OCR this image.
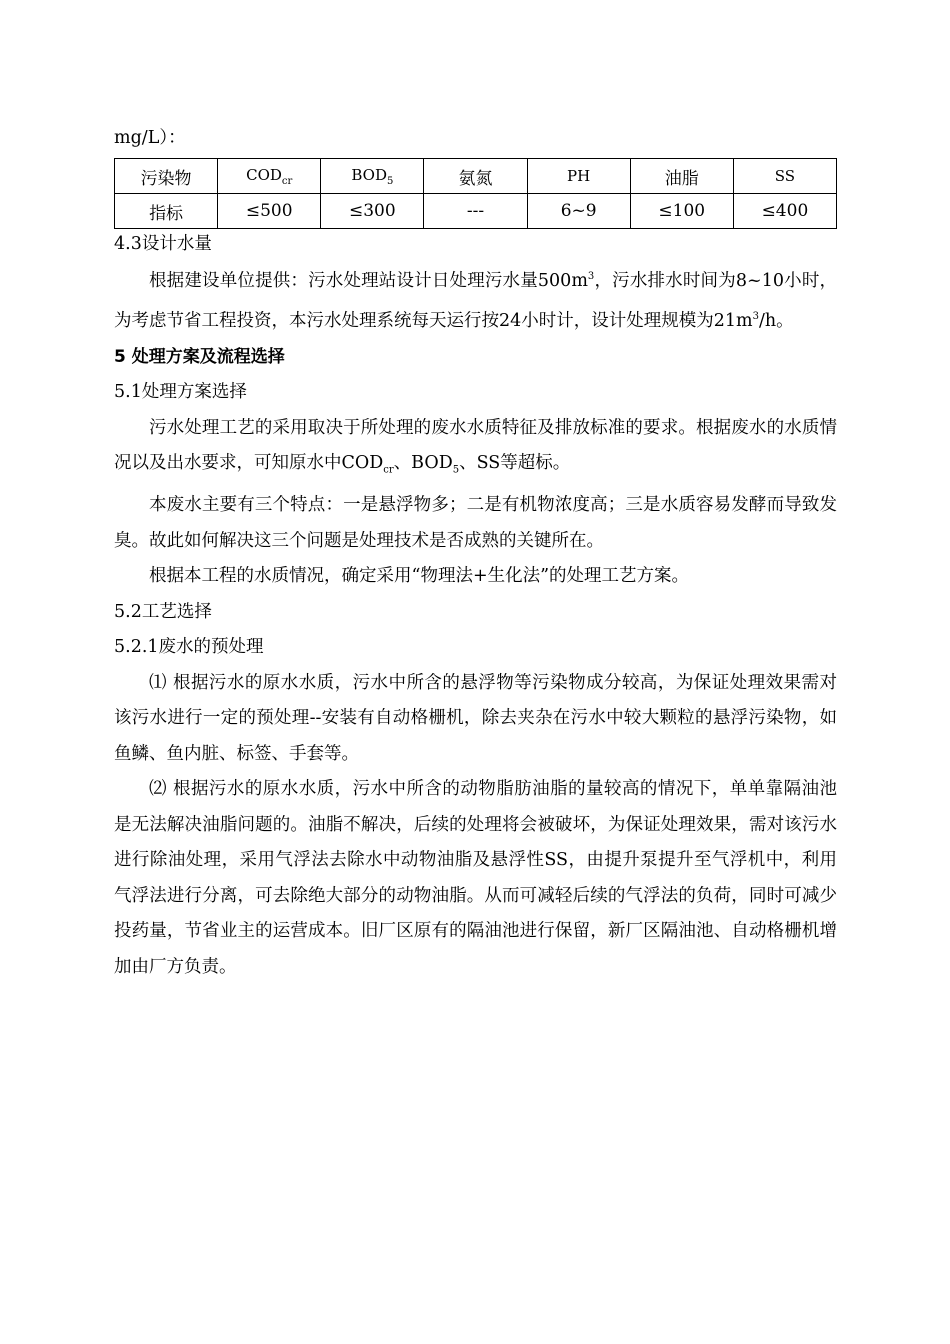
mg/L）：
污染物	$COD_{cr}$	$BOD_5$	氨氮	PH	油脂	SS
指标	≤500	≤300	---	6~9	≤100	≤400
4.3设计水量
根据建设单位提供：污水处理站设计日处理污水量$500m^3$，污水排水时间为8~10小时，为考虑节省工程投资，本污水处理系统每天运行按24小时计，设计处理规模为$21m^3/h$。
5 处理方案及流程选择
5.1处理方案选择
污水处理工艺的采用取决于所处理的废水水质特征及排放标准的要求。根据废水的水质情况以及出水要求，可知原水中$COD_{cr}$、$BOD_5$、SS等超标。
本废水主要有三个特点：一是悬浮物多；二是有机物浓度高；三是水质容易发酵而导致发臭。故此如何解决这三个问题是处理技术是否成熟的关键所在。
根据本工程的水质情况，确定采用“物理法+生化法”的处理工艺方案。
5.2工艺选择
5.2.1废水的预处理
⑴ 根据污水的原水水质，污水中所含的悬浮物等污染物成分较高，为保证处理效果需对该污水进行一定的预处理--安装有自动格栅机，除去夹杂在污水中较大颗粒的悬浮污染物，如鱼鳞、鱼内脏、标签、手套等。
⑵ 根据污水的原水水质，污水中所含的动物脂肪油脂的量较高的情况下，单单靠隔油池是无法解决油脂问题的。油脂不解决，后续的处理将会被破坏，为保证处理效果，需对该污水进行除油处理，采用气浮法去除水中动物油脂及悬浮性SS，由提升泵提升至气浮机中，利用气浮法进行分离，可去除绝大部分的动物油脂。从而可减轻后续的气浮法的负荷，同时可减少投药量，节省业主的运营成本。旧厂区原有的隔油池进行保留，新厂区隔油池、自动格栅机增加由厂方负责。
